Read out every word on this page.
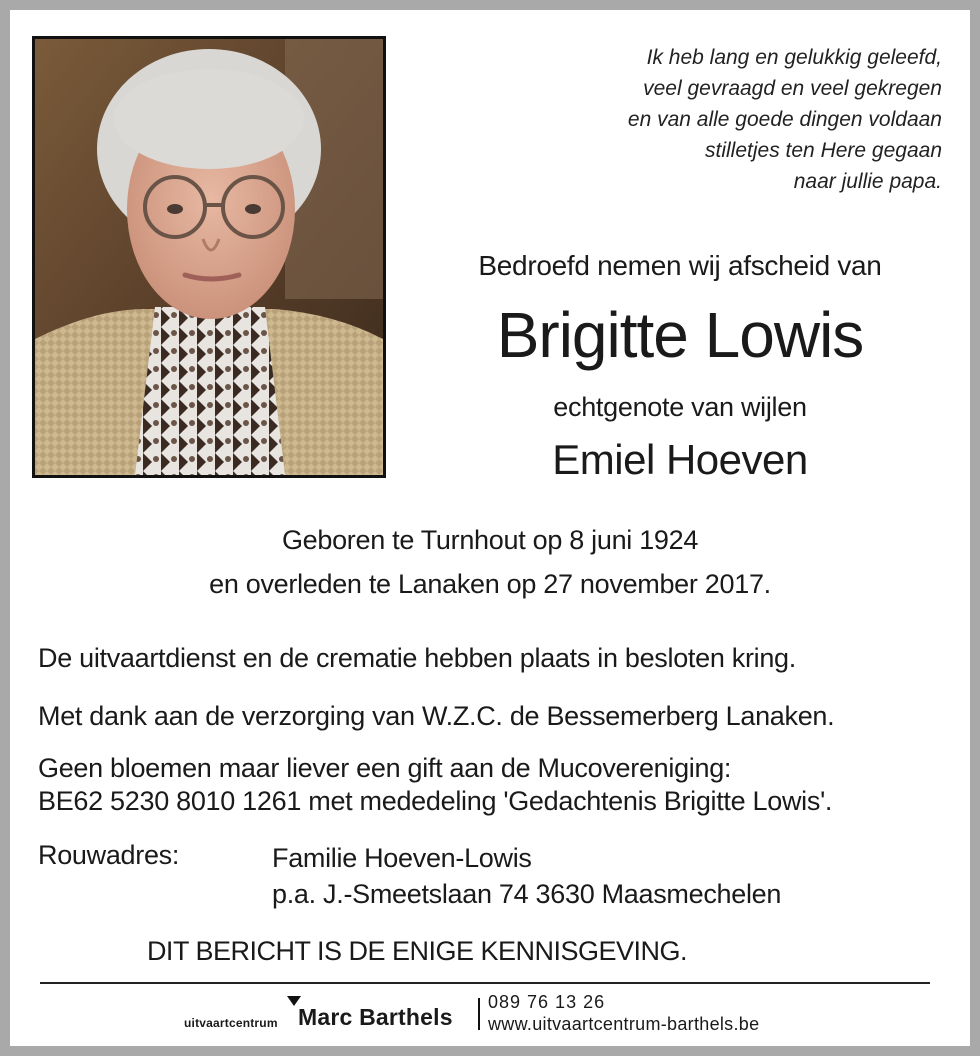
Ik heb lang en gelukkig geleefd,
veel gevraagd en veel gekregen
en van alle goede dingen voldaan
stilletjes ten Here gegaan
naar jullie papa.
Bedroefd nemen wij afscheid van
Brigitte Lowis
echtgenote van wijlen
Emiel Hoeven
Geboren te Turnhout op 8 juni 1924
en overleden te Lanaken op 27 november 2017.
De uitvaartdienst en de crematie hebben plaats in besloten kring.
Met dank aan de verzorging van W.Z.C. de Bessemerberg Lanaken.
Geen bloemen maar liever een gift aan de Mucovereniging:
BE62 5230 8010 1261 met mededeling 'Gedachtenis Brigitte Lowis'.
Rouwadres:	Familie Hoeven-Lowis
p.a. J.-Smeetslaan 74 3630 Maasmechelen
DIT BERICHT IS DE ENIGE KENNISGEVING.
uitvaartcentrum Marc Barthels
089 76 13 26
www.uitvaartcentrum-barthels.be
